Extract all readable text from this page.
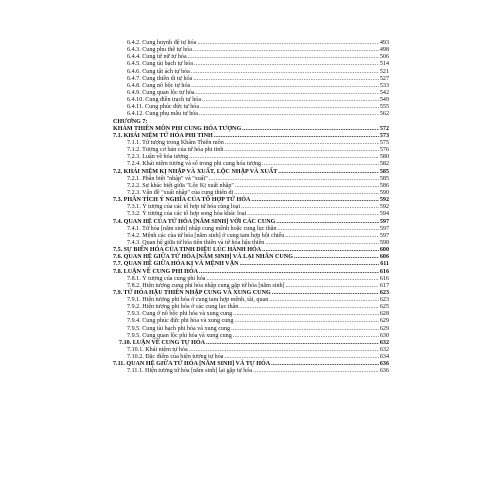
6.4.2. Cung huynh đệ tự hóa .....	493
6.4.3. Cung phu thê tự hóa .....	498
6.4.4. Cung tử nữ tự hóa .....	506
6.4.5. Cung tài bạch tự hóa .....	514
6.4.6. Cung tật ách tự hóa .....	521
6.4.7. Cung thiên di tự hóa .....	527
6.4.8. Cung nô bộc tự hóa .....	533
6.4.9. Cung quan lộc tự hóa .....	542
6.4.10. Cung điền trạch tự hóa .....	549
6.4.11. Cung phúc đức tự hóa .....	555
6.4.12. Cung phụ mẫu tự hóa .....	562
CHƯƠNG 7:
KHÁM THIÊN MÔN PHI CUNG HÓA TƯỢNG .....	572
7.1. KHÁI NIỆM TỨ HÓA PHI TINH .....	573
7.1.1. Tứ tượng trong Khâm Thiên môn .....	575
7.1.2. Tượng cơ bản của tứ hóa phi tinh .....	576
7.2.3. Luận về hóa tượng .....	580
7.2.4. Khái niệm tượng và số trong phi cung hóa tượng .....	582
7.2. KHÁI NIỆM KỊ NHẬP VÀ XUẤT, LỘC NHẬP VÀ XUẤT .....	585
7.2.1. Phân biệt "nhập" và "xuất" .....	585
7.2.2. Sự khác biệt giữa "Lộc Kị xuất nhập" .....	586
7.2.3. Vấn đề "xuất nhập" của cung thiên di .....	590
7.3. PHÂN TÍCH Ý NGHĨA CỦA TỔ HỢP TỨ HÓA .....	592
7.3.1. Ý tượng của các tổ hợp tứ hóa cùng loại .....	592
7.3.2. Ý tượng của các tổ hợp song hóa khác loại .....	594
7.4. QUAN HỆ CỦA TỨ HÓA [NĂM SINH] VỚI CÁC CUNG .....	597
7.4.1. Tứ hóa [năm sinh] nhập cung mệnh hoặc cung lục thân .....	597
7.4.2. Mệnh các cùa tứ hóa [năm sinh] ở cung tam hợp hội chiếu .....	597
7.4.3. Quan hệ giữa tứ hóa tiên thiên và tứ hóa hậu thiên .....	598
7.5. SỰ BIẾN HÓA CỦA TINH DIỆU LÚC HÀNH HÓA .....	600
7.6. QUAN HỆ GIỮA TỨ HÓA [NĂM SINH] VÀ LẠI NHÂN CUNG .....	606
7.7. QUAN HỆ GIỮA HÓA KỊ VÀ MỆNH VẬN .....	611
7.8. LUẬN VỀ CUNG PHI HÓA .....	616
7.8.1. Ý tượng của cung phi hóa .....	616
7.8.2. Hiện tượng cung phi hóa nhập cung gặp tứ hóa [năm sinh] .....	617
7.9. TỨ HÓA HẬU THIÊN NHẬP CUNG VÀ XUNG CUNG .....	623
7.9.1. Hiện tượng phi hóa ở cung tam hợp mệnh, tài, quan .....	623
7.9.2. Hiện tượng phi hóa ở các cung lục thân .....	625
7.9.3. Cung ở nô bộc phi hóa và xung cung .....	628
7.9.4. Cung phúc đức phi hóa và xung cung .....	629
7.9.5. Cung tài bạch phi hóa và xung cung .....	629
7.9.5. Cung quan lộc phi hóa và xung cung .....	630
7.10. LUẬN VỀ CUNG TỰ HÓA .....	632
7.10.1. Khái niệm tự hóa .....	632
7.10.2. Đặc điểm của hiện tượng tự hóa .....	634
7.11. QUAN HỆ GIỮA TỨ HÓA [NĂM SINH] VÀ TỰ HÓA .....	636
7.11.1. Hiện tượng tứ hóa [năm sinh] lại gặp tự hóa .....	636
